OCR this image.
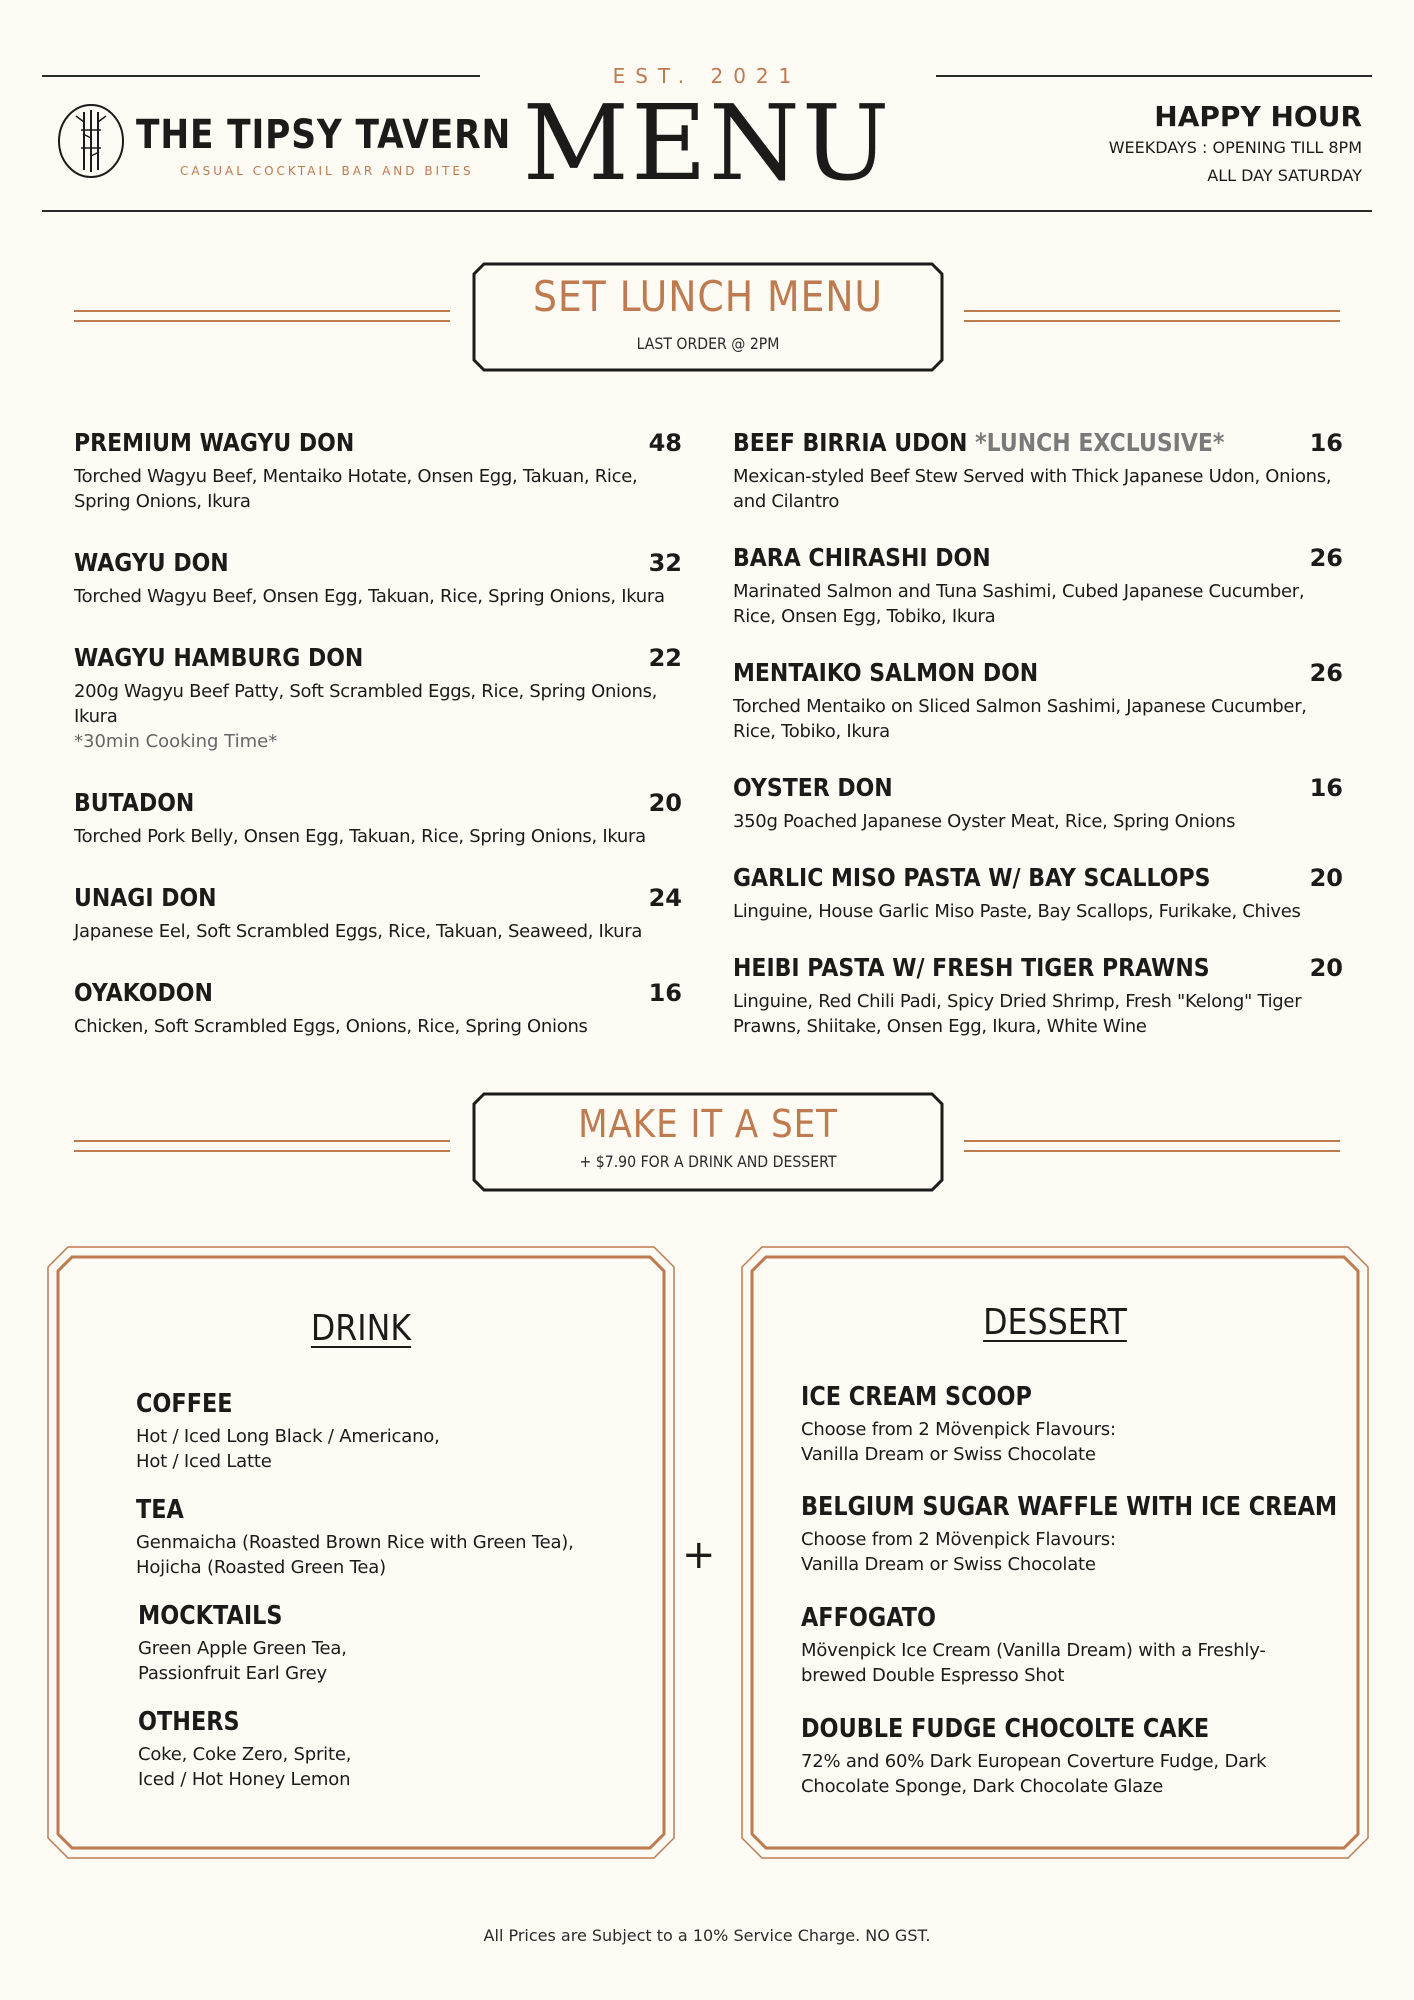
THE TIPSY TAVERN
CASUAL COCKTAIL BAR AND BITES
EST. 2021
MENU	HAPPY HOUR
WEEKDAYS : OPENING TILL 8PM
ALL DAY SATURDAY
SET LUNCH MENU
LAST ORDER @ 2PM
PREMIUM WAGYU DON	48
Torched Wagyu Beef, Mentaiko Hotate, Onsen Egg, Takuan, Rice, Spring Onions, Ikura
WAGYU DON	32
Torched Wagyu Beef, Onsen Egg, Takuan, Rice, Spring Onions, Ikura
WAGYU HAMBURG DON	22
200g Wagyu Beef Patty, Soft Scrambled Eggs, Rice, Spring Onions, Ikura
*30min Cooking Time*
BUTADON	20
Torched Pork Belly, Onsen Egg, Takuan, Rice, Spring Onions, Ikura
UNAGI DON	24
Japanese Eel, Soft Scrambled Eggs, Rice, Takuan, Seaweed, Ikura
OYAKODON	16
Chicken, Soft Scrambled Eggs, Onions, Rice, Spring Onions
BEEF BIRRIA UDON *LUNCH EXCLUSIVE*	16
Mexican-styled Beef Stew Served with Thick Japanese Udon, Onions, and Cilantro
BARA CHIRASHI DON	26
Marinated Salmon and Tuna Sashimi, Cubed Japanese Cucumber, Rice, Onsen Egg, Tobiko, Ikura
MENTAIKO SALMON DON	26
Torched Mentaiko on Sliced Salmon Sashimi, Japanese Cucumber, Rice, Tobiko, Ikura
OYSTER DON	16
350g Poached Japanese Oyster Meat, Rice, Spring Onions
GARLIC MISO PASTA W/ BAY SCALLOPS	20
Linguine, House Garlic Miso Paste, Bay Scallops, Furikake, Chives
HEIBI PASTA W/ FRESH TIGER PRAWNS	20
Linguine, Red Chili Padi, Spicy Dried Shrimp, Fresh "Kelong" Tiger Prawns, Shiitake, Onsen Egg, Ikura, White Wine
MAKE IT A SET
+ $7.90 FOR A DRINK AND DESSERT
DRINK
COFFEE
Hot / Iced Long Black / Americano,
Hot / Iced Latte
TEA
Genmaicha (Roasted Brown Rice with Green Tea),
Hojicha (Roasted Green Tea)
MOCKTAILS
Green Apple Green Tea,
Passionfruit Earl Grey
OTHERS
Coke, Coke Zero, Sprite,
Iced / Hot Honey Lemon
+
DESSERT
ICE CREAM SCOOP
Choose from 2 Mövenpick Flavours:
Vanilla Dream or Swiss Chocolate
BELGIUM SUGAR WAFFLE WITH ICE CREAM
Choose from 2 Mövenpick Flavours:
Vanilla Dream or Swiss Chocolate
AFFOGATO
Mövenpick Ice Cream (Vanilla Dream) with a Freshly-
brewed Double Espresso Shot
DOUBLE FUDGE CHOCOLTE CAKE
72% and 60% Dark European Coverture Fudge, Dark
Chocolate Sponge, Dark Chocolate Glaze
All Prices are Subject to a 10% Service Charge. NO GST.
